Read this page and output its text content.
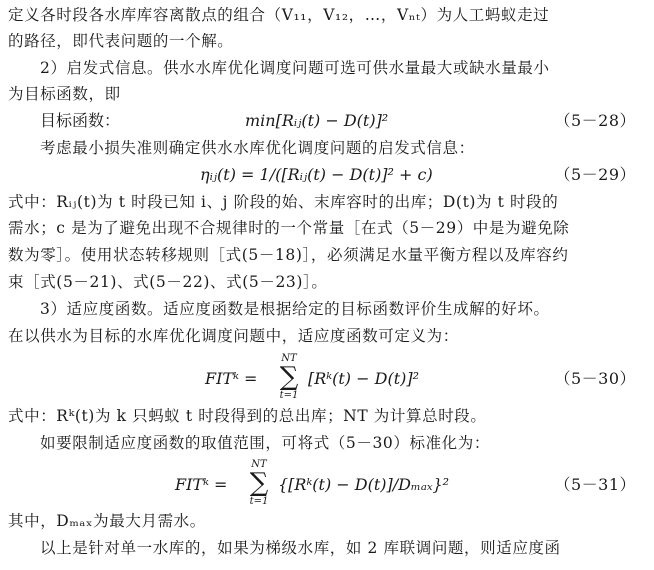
定义各时段各水库库容离散点的组合（V₁₁，V₁₂，…，Vₙₜ）为人工蚂蚁走过
的路径，即代表问题的一个解。
2）启发式信息。供水水库优化调度问题可选可供水量最大或缺水量最小
为目标函数，即
目标函数：	min[Rᵢⱼ(t) − D(t)]²	（5－28）
考虑最小损失准则确定供水水库优化调度问题的启发式信息：
ηᵢⱼ(t) = 1/([Rᵢⱼ(t) − D(t)]² + c)	（5－29）
式中：Rᵢⱼ(t)为 t 时段已知 i、j 阶段的始、末库容时的出库；D(t)为 t 时段的
需水；c 是为了避免出现不合规律时的一个常量［在式（5－29）中是为避免除
数为零］。使用状态转移规则［式(5－18)］，必须满足水量平衡方程以及库容约
束［式(5－21)、式(5－22)、式(5－23)］。
3）适应度函数。适应度函数是根据给定的目标函数评价生成解的好坏。
在以供水为目标的水库优化调度问题中，适应度函数可定义为：
FITᵏ =
NT
∑
t=1
[Rᵏ(t) − D(t)]²	（5－30）
式中：Rᵏ(t)为 k 只蚂蚁 t 时段得到的总出库；NT 为计算总时段。
如要限制适应度函数的取值范围，可将式（5－30）标准化为：
FITᵏ =
NT
∑
t=1
{[Rᵏ(t) − D(t)]/Dₘₐₓ}²	（5－31）
其中，Dₘₐₓ为最大月需水。
以上是针对单一水库的，如果为梯级水库，如 2 库联调问题，则适应度函
